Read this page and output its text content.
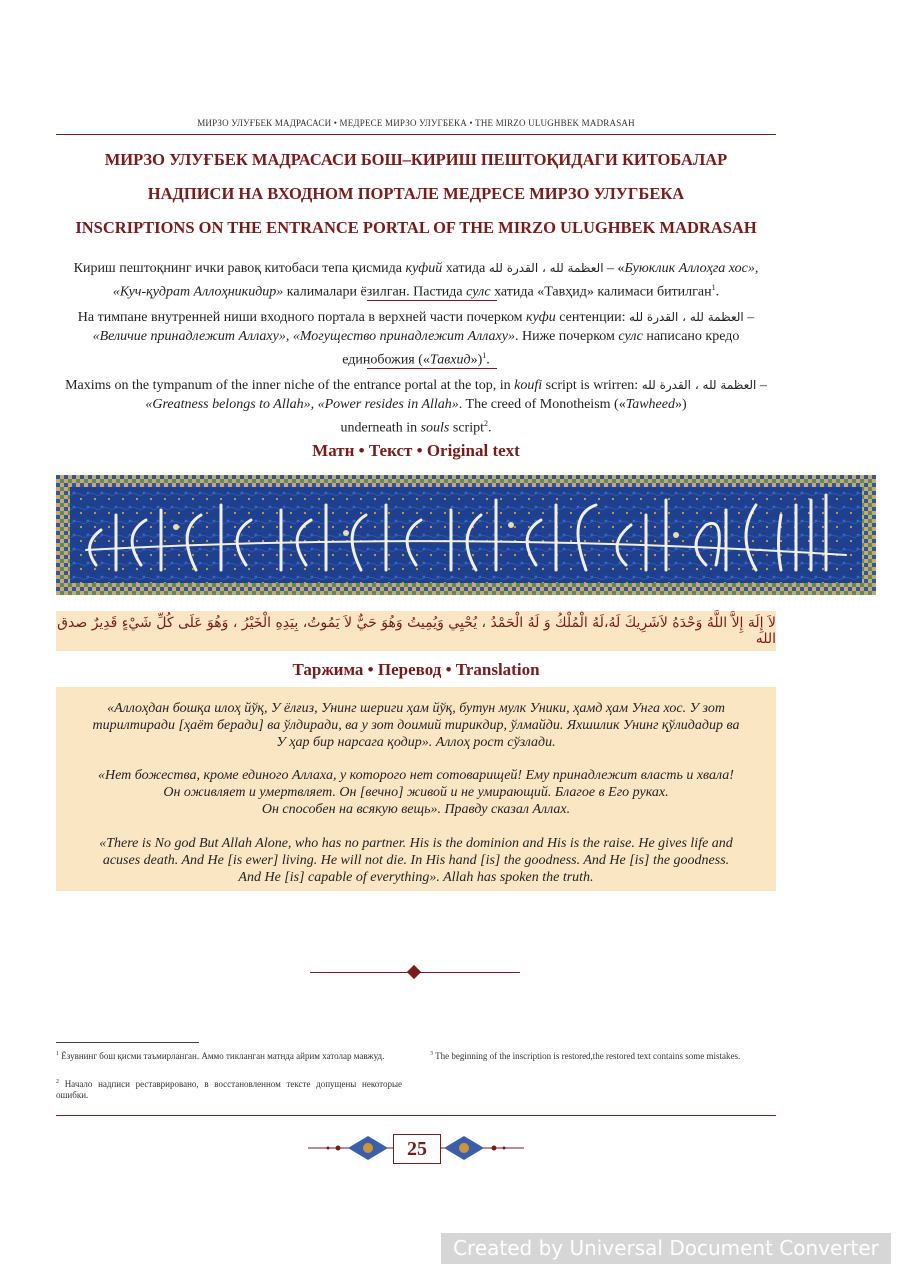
МИРЗО УЛУҒБЕК МАДРАСАСИ • МЕДРЕСЕ МИРЗО УЛУГБЕКА • THE MIRZO ULUGHBEK MADRASAH
МИРЗО УЛУҒБЕК МАДРАСАСИ БОШ–КИРИШ ПЕШТОҚИДАГИ КИТОБАЛАР
НАДПИСИ НА ВХОДНОМ ПОРТАЛЕ МЕДРЕСЕ МИРЗО УЛУГБЕКА
INSCRIPTIONS ON THE ENTRANCE PORTAL OF THE MIRZO ULUGHBEK MADRASAH
Кириш пештоқнинг ички равоқ китобаси тепа қисмида куфий хатида العظمة لله ، القدرة لله – «Буюклик Аллоҳга хос»,
«Куч-қудрат Аллоҳникидир» калималари ёзилган. Пастида сулс хатида «Тавҳид» калимаси битилган$^1$.
На тимпане внутренней ниши входного портала в верхней части почерком куфи сентенции: العظمة لله ، القدرة لله –
«Величие принадлежит Аллаху», «Могущество принадлежит Аллаху». Ниже почерком сулс написано кредо
единобожия («Тавхид»)$^1$.
Maxims on the tympanum of the inner niche of the entrance portal at the top, in koufi script is wrirren: العظمة لله ، القدرة لله –
«Greatness belongs to Allah», «Power resides in Allah». The creed of Monotheism («Tawheed»)
underneath in souls script$^2$.
Матн • Текст • Original text
لاَ إِلَهَ إِلاَّ اللَّهُ وَحْدَهُ لاَشَرِيكَ لَهُ،لَهُ الْمُلْكُ وَ لَهُ الْحَمْدُ ، يُحْيِي وَيُمِيتُ وَهُوَ حَيٌّ لاَ يَمُوتُ، بِيَدِهِ الْخَيْرُ ، وَهُوَ عَلَى كُلِّ شَيْءٍ قَدِيرٌ صدق الله
Таржима • Перевод • Translation
«Аллоҳдан бошқа илоҳ йўқ, У ёлғиз, Унинг шериги ҳам йўқ, бутун мулк Уники, ҳамд ҳам Унга хос. У зот
тирилтиради [ҳаёт беради] ва ўлдиради, ва у зот доимий тирикдир, ўлмайди. Яхшилик Унинг қўлидадир ва
У ҳар бир нарсага қодир». Аллоҳ рост сўзлади.
«Нет божества, кроме единого Аллаха, у которого нет сотоварищей! Ему принадлежит власть и хвала!
Он оживляет и умертвляет. Он [вечно] живой и не умирающий. Благое в Его руках.
Он способен на всякую вещь». Правду сказал Аллах.
«There is No god But Allah Alone, who has no partner. His is the dominion and His is the raise. He gives life and
acuses death. And He [is ewer] living. He will not die. In His hand [is] the goodness. And He [is] the goodness.
And He [is] capable of everything». Allah has spoken the truth.
$^1$ Ёзувнинг бош қисми таъмирланган. Аммо тикланган матнда айрим хатолар мавжуд.
$^2$ Начало надписи реставрировано, в восстановленном тексте допущены некоторые ошибки.
$^3$ The beginning of the inscription is restored,the restored text contains some mistakes.
25
Created by Universal Document Converter
